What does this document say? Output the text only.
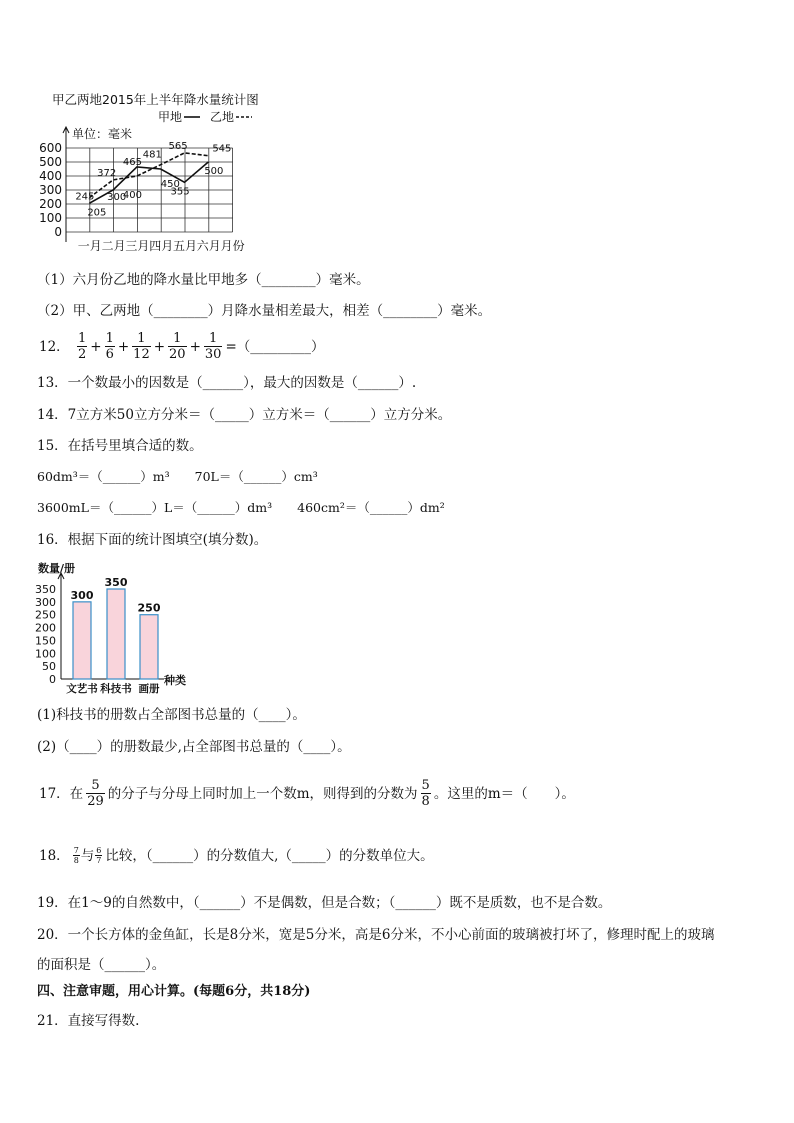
甲乙两地2015年上半年降水量统计图
0
100
200
300
400
500
600
单位：毫米
一月 二月 三月 四月 五月 六月 月份
甲地 乙地
205
300
465
450
355
500
245
372
400
481
565 545
数量/册
种类
0
50
100
150
200
250
300
350 300
文艺书
350
科技书
250
画册
（1）六月份乙地的降水量比甲地多（________）毫米。
（2）甲、乙两地（________）月降水量相差最大，相差（________）毫米。
12． $\frac{1}{2} + \frac{1}{6} + \frac{1}{12} + \frac{1}{20} + \frac{1}{30}$ =（_________）
13．一个数最小的因数是（______），最大的因数是（______）.
14．7立方米50立方分米＝（_____）立方米＝（______）立方分米。
15．在括号里填合适的数。
60dm³＝（______）m³　　70L＝（______）cm³
3600mL＝（______）L＝（______）dm³　　460cm²＝（______）dm²
16．根据下面的统计图填空(填分数)。
(1)科技书的册数占全部图书总量的（____）。
(2)（____）的册数最少,占全部图书总量的（____）。
17．在 $\frac{5}{29}$ 的分子与分母上同时加上一个数m，则得到的分数为 $\frac{5}{8}$ 。这里的m＝（　　）。
18． $\frac{7}{8}$ 与 $\frac{6}{7}$ 比较，（______）的分数值大,（_____）的分数单位大。
19．在1～9的自然数中，（______）不是偶数，但是合数；（______）既不是质数，也不是合数。
20．一个长方体的金鱼缸，长是8分米，宽是5分米，高是6分米，不小心前面的玻璃被打坏了，修理时配上的玻璃
的面积是（______）。
四、注意审题，用心计算。(每题6分，共18分)
21．直接写得数.
